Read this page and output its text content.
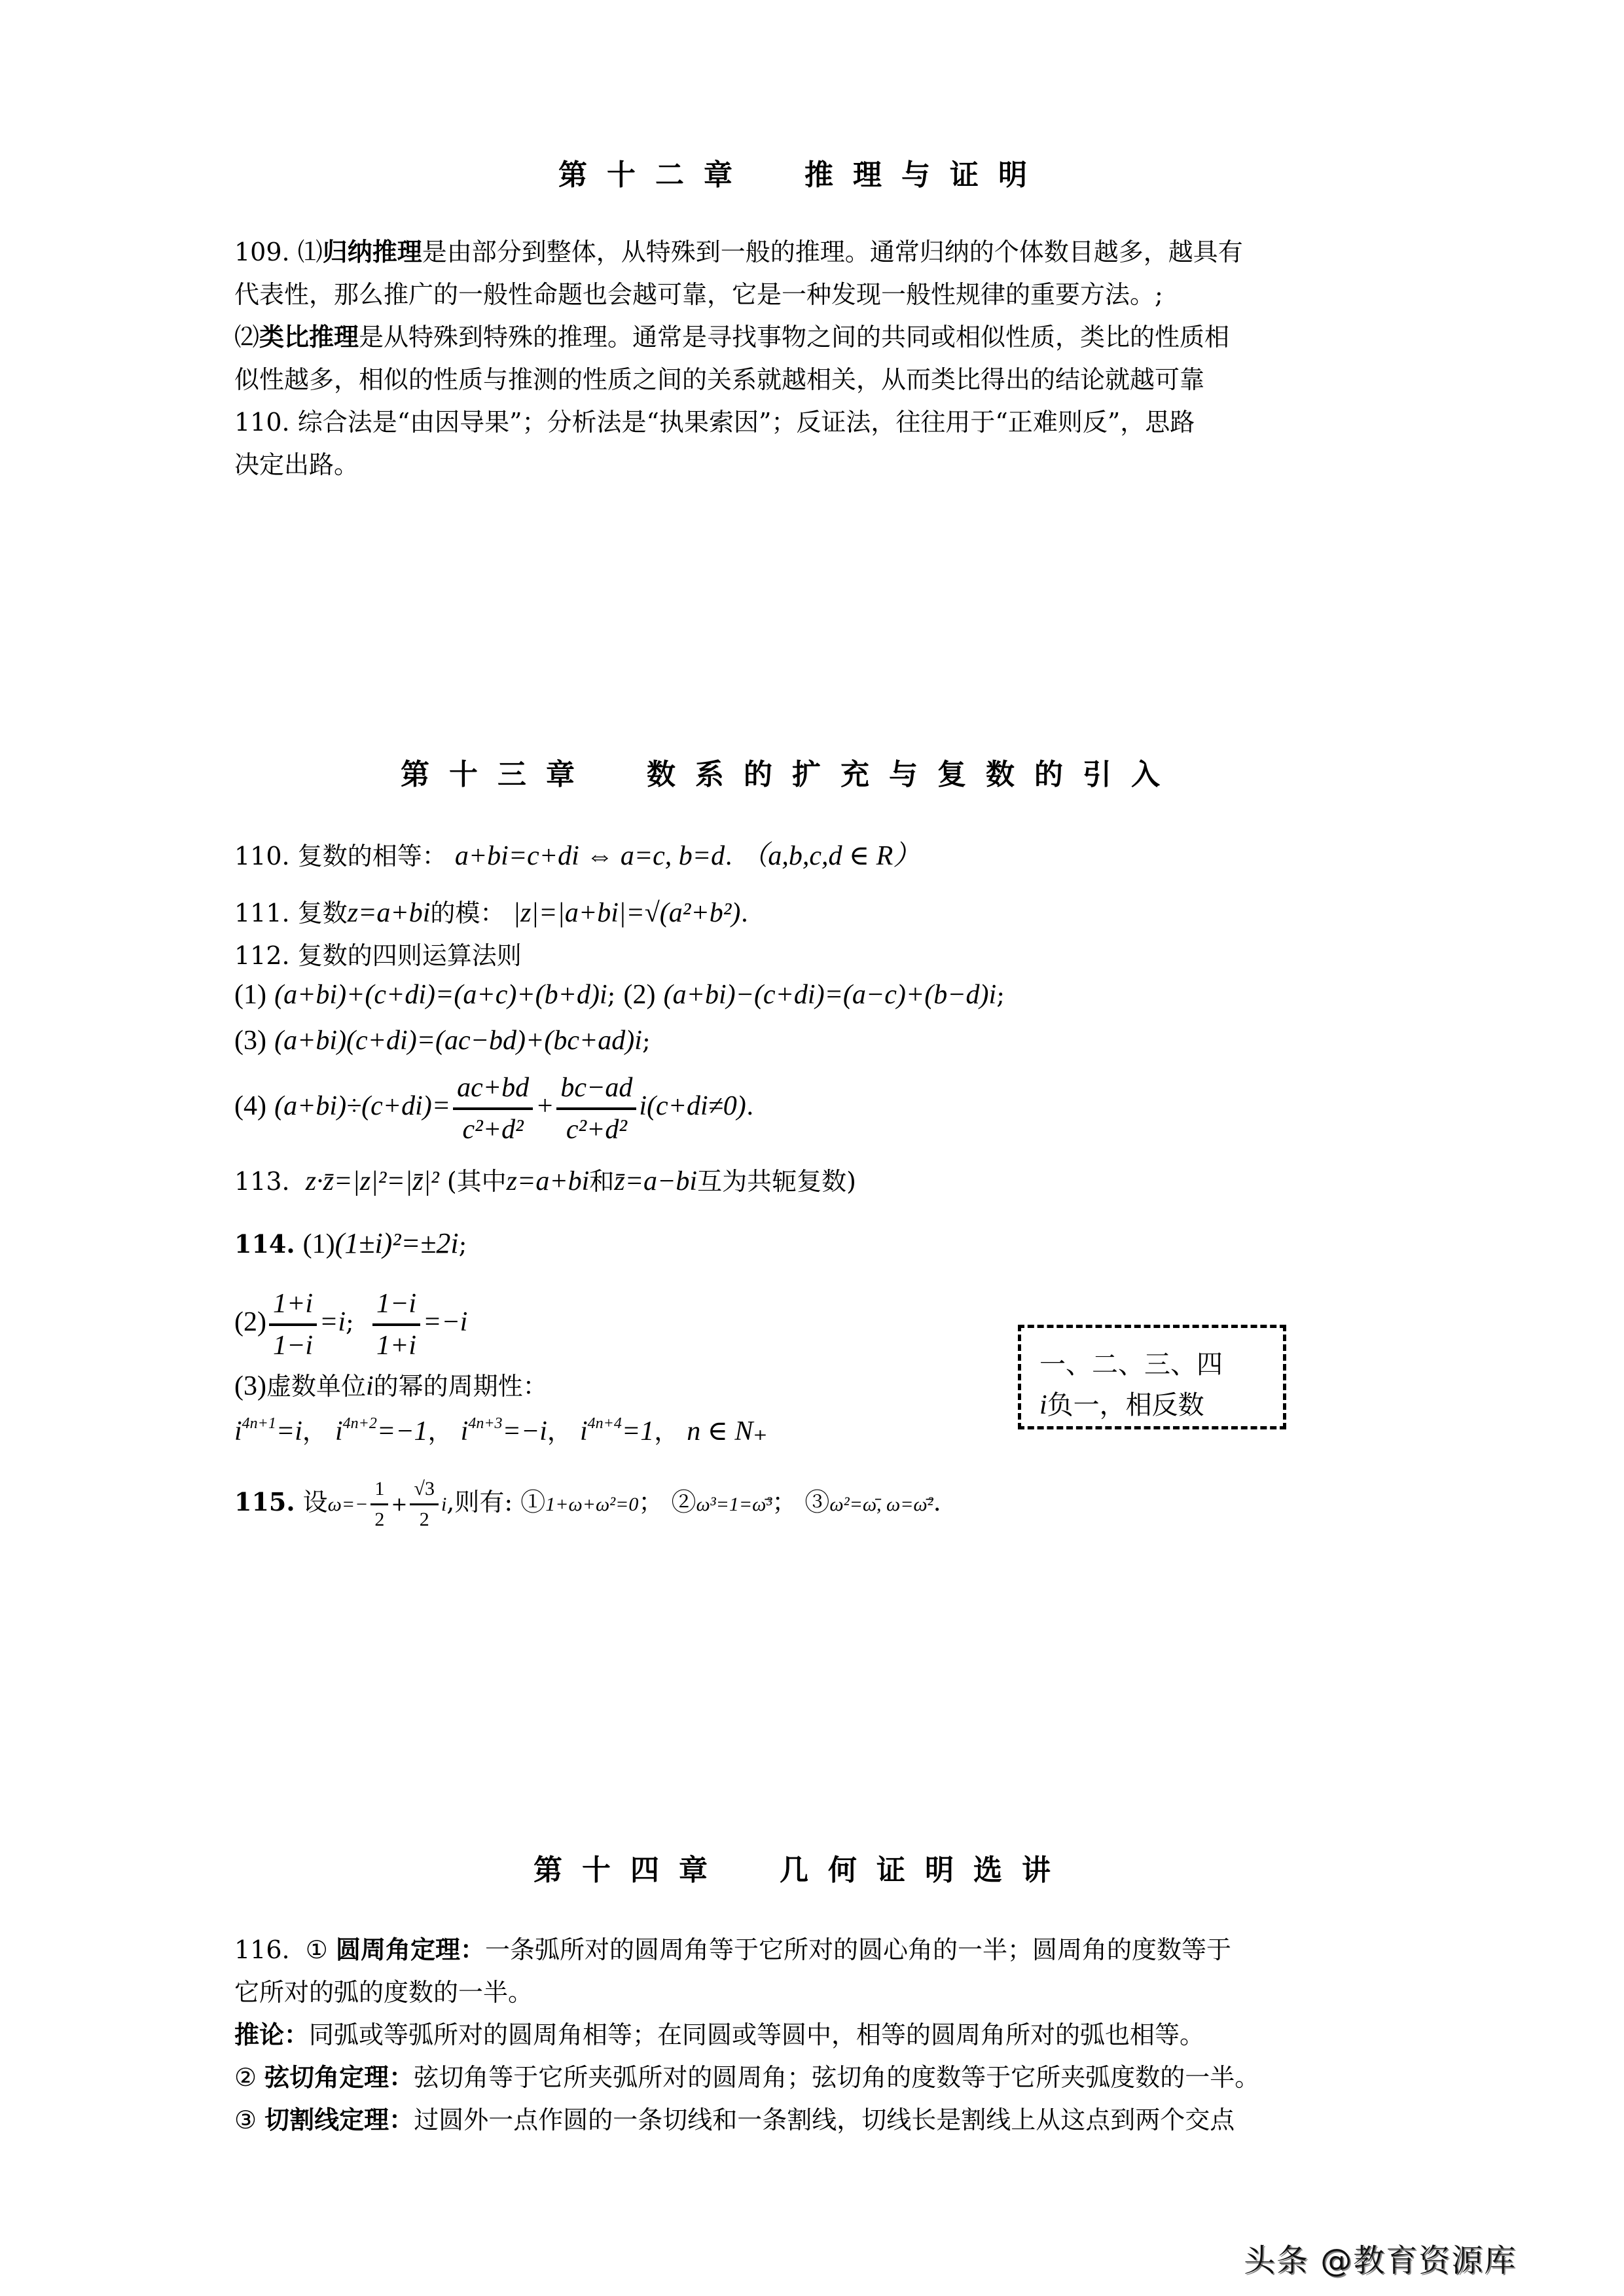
第十二章 推理与证明
109. ⑴归纳推理是由部分到整体，从特殊到一般的推理。通常归纳的个体数目越多，越具有
代表性，那么推广的一般性命题也会越可靠，它是一种发现一般性规律的重要方法。;
⑵类比推理是从特殊到特殊的推理。通常是寻找事物之间的共同或相似性质，类比的性质相
似性越多，相似的性质与推测的性质之间的关系就越相关，从而类比得出的结论就越可靠
110. 综合法是“由因导果”；分析法是“执果索因”；反证法，往往用于“正难则反”，思路
决定出路。
第十三章 数系的扩充与复数的引入
110. 复数的相等： a+bi=c+di ⇔ a=c, b=d. （a,b,c,d ∈ R）
111. 复数z=a+bi的模： |z|=|a+bi|=√(a²+b²).
112. 复数的四则运算法则
(1) (a+bi)+(c+di)=(a+c)+(b+d)i; (2) (a+bi)−(c+di)=(a−c)+(b−d)i;
(3) (a+bi)(c+di)=(ac−bd)+(bc+ad)i;
(4) $(a+bi)\div(c+di)= \frac{ac+bd}{\text{c²+d²}} + \frac{bc-ad}{\text{c²+d²}} i(c+di\ne 0)$.
113. z·z̄=|z|²=|z̄|² (其中z=a+bi和z̄=a−bi互为共轭复数)
114. (1)(1±i)²=±2i;
$(2) \frac{1+i}{1-i} =i$; $\frac{1-i}{1+i} =-i$
(3)虚数单位i的幂的周期性：
$i^{4n+1}=i$， $i^{4n+2}=-1$， $i^{4n+3}=-i$， $i^{4n+4}=1$， n ∈ N₊
一、二、三、四
i负一，相反数
115. 设$\omega=- \frac{1}{2} + \frac{√3}{2} i$,则有: ①1+ω+ω²=0； ②ω³=1=ω̄³； ③ω²=ω̄, ω=ω̄².
第十四章 几何证明选讲
116. ① 圆周角定理：一条弧所对的圆周角等于它所对的圆心角的一半；圆周角的度数等于
它所对的弧的度数的一半。
推论：同弧或等弧所对的圆周角相等；在同圆或等圆中，相等的圆周角所对的弧也相等。
② 弦切角定理：弦切角等于它所夹弧所对的圆周角；弦切角的度数等于它所夹弧度数的一半。
③ 切割线定理：过圆外一点作圆的一条切线和一条割线，切线长是割线上从这点到两个交点
头条 @教育资源库
